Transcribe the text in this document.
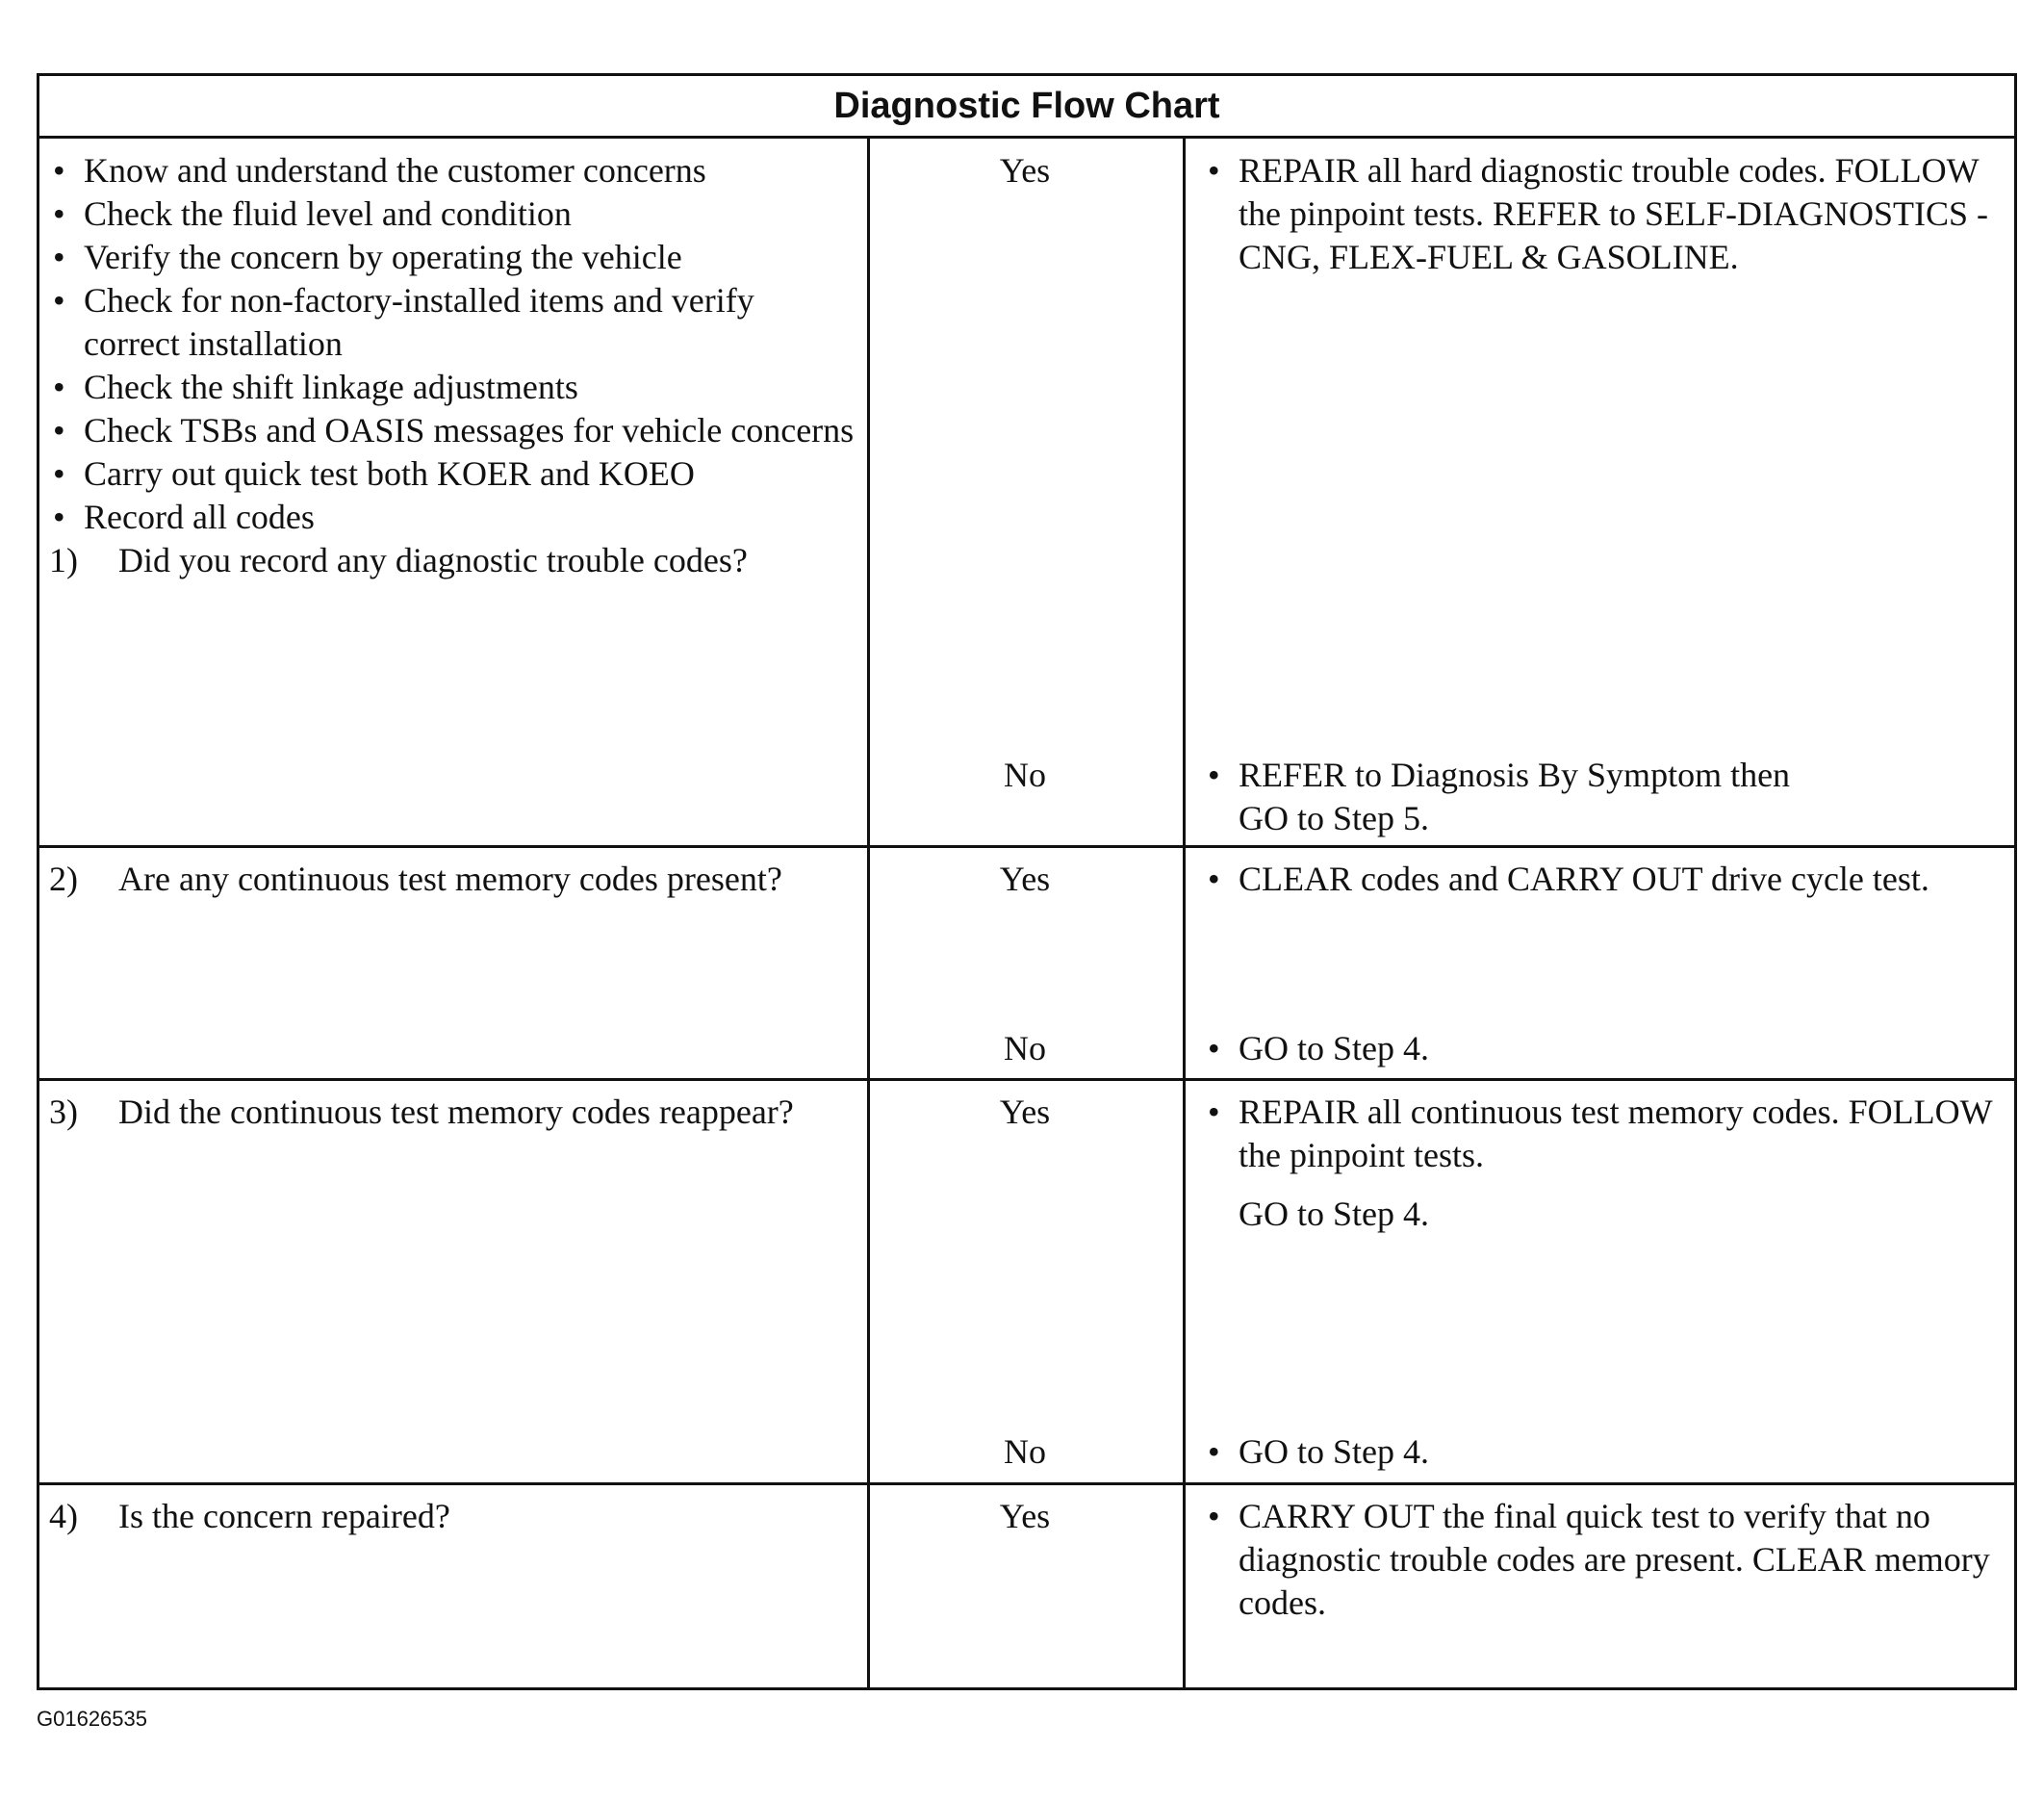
Diagnostic Flow Chart
• Know and understand the customer concerns
• Check the fluid level and condition
• Verify the concern by operating the vehicle
• Check for non-factory-installed items and verify correct installation
• Check the shift linkage adjustments
• Check TSBs and OASIS messages for vehicle concerns
• Carry out quick test both KOER and KOEO
• Record all codes

1) Did you record any diagnostic trouble codes?

Yes	• REPAIR all hard diagnostic trouble codes. FOLLOW the pinpoint tests. REFER to SELF-DIAGNOSTICS - CNG, FLEX-FUEL & GASOLINE.
No	• REFER to Diagnosis By Symptom then GO to Step 5.

2) Are any continuous test memory codes present?	Yes	• CLEAR codes and CARRY OUT drive cycle test.
No	• GO to Step 4.

3) Did the continuous test memory codes reappear?	Yes	• REPAIR all continuous test memory codes. FOLLOW the pinpoint tests.

GO to Step 4.

No	• GO to Step 4.

4) Is the concern repaired?	Yes	• CARRY OUT the final quick test to verify that no diagnostic trouble codes are present. CLEAR memory codes.
G01626535
